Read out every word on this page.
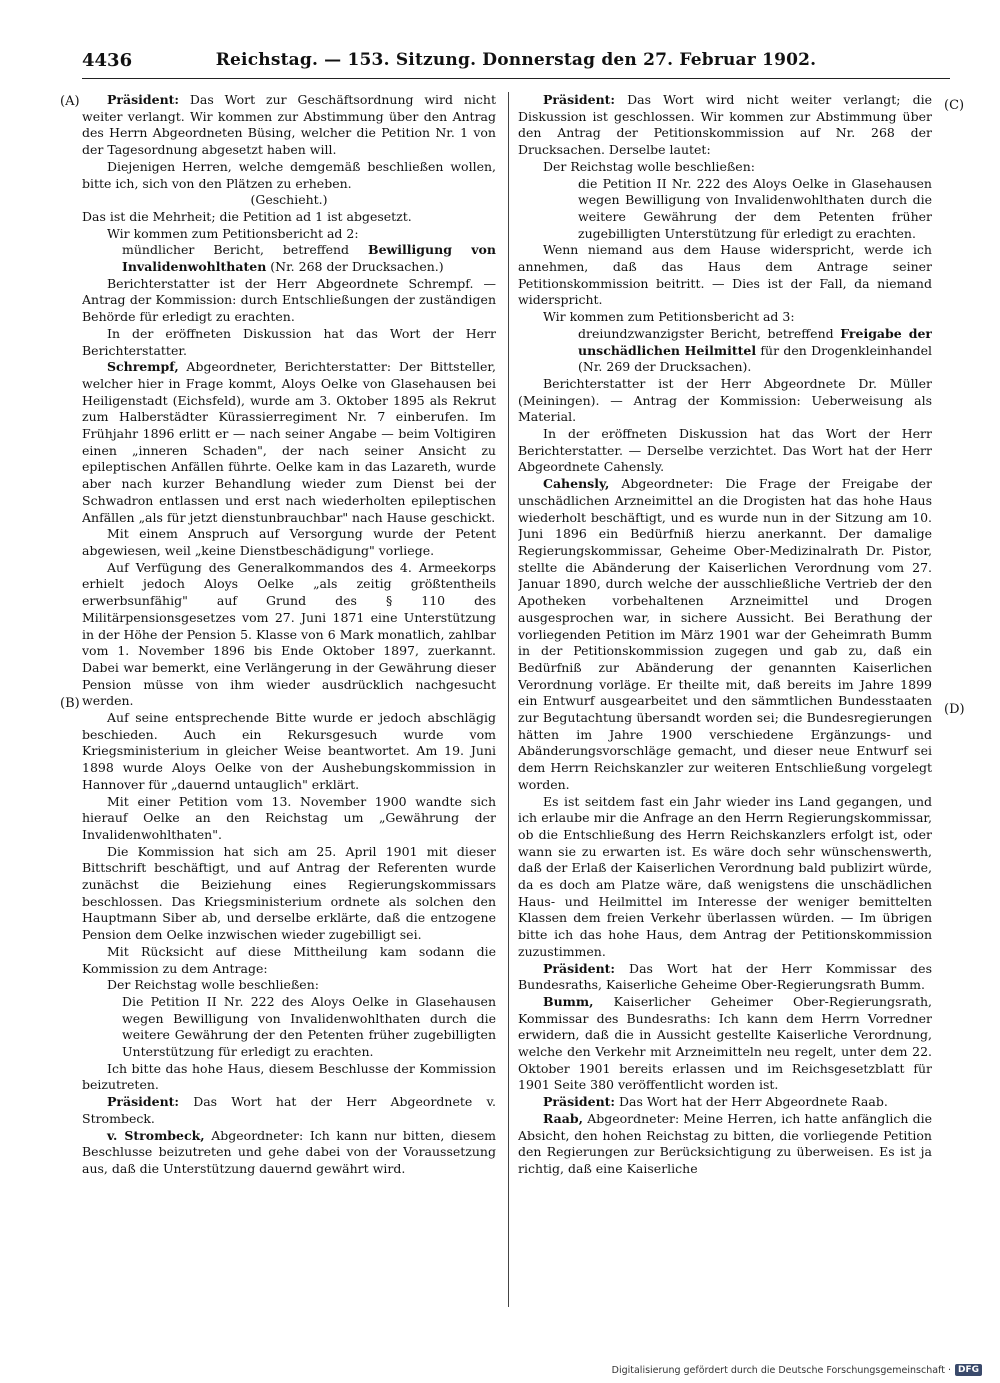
4436	Reichstag. — 153. Sitzung. Donnerstag den 27. Februar 1902.
(A)
(B)
(C)
(D)

Präsident: Das Wort zur Geschäftsordnung wird nicht weiter verlangt. Wir kommen zur Abstimmung über den Antrag des Herrn Abgeordneten Büsing, welcher die Petition Nr. 1 von der Tagesordnung abgesetzt haben will.

Diejenigen Herren, welche demgemäß beschließen wollen, bitte ich, sich von den Plätzen zu erheben.

(Geschieht.)

Das ist die Mehrheit; die Petition ad 1 ist abgesetzt.

Wir kommen zum Petitionsbericht ad 2:

mündlicher Bericht, betreffend Bewilligung von Invalidenwohlthaten (Nr. 268 der Drucksachen.)

Berichterstatter ist der Herr Abgeordnete Schrempf. — Antrag der Kommission: durch Entschließungen der zuständigen Behörde für erledigt zu erachten.

In der eröffneten Diskussion hat das Wort der Herr Berichterstatter.

Schrempf, Abgeordneter, Berichterstatter: Der Bittsteller, welcher hier in Frage kommt, Aloys Oelke von Glasehausen bei Heiligenstadt (Eichsfeld), wurde am 3. Oktober 1895 als Rekrut zum Halberstädter Kürassierregiment Nr. 7 einberufen. Im Frühjahr 1896 erlitt er — nach seiner Angabe — beim Voltigiren einen „inneren Schaden", der nach seiner Ansicht zu epileptischen Anfällen führte. Oelke kam in das Lazareth, wurde aber nach kurzer Behandlung wieder zum Dienst bei der Schwadron entlassen und erst nach wiederholten epileptischen Anfällen „als für jetzt dienstunbrauchbar" nach Hause geschickt.

Mit einem Anspruch auf Versorgung wurde der Petent abgewiesen, weil „keine Dienstbeschädigung" vorliege.

Auf Verfügung des Generalkommandos des 4. Armeekorps erhielt jedoch Aloys Oelke „als zeitig größtentheils erwerbsunfähig" auf Grund des § 110 des Militärpensionsgesetzes vom 27. Juni 1871 eine Unterstützung in der Höhe der Pension 5. Klasse von 6 Mark monatlich, zahlbar vom 1. November 1896 bis Ende Oktober 1897, zuerkannt. Dabei war bemerkt, eine Verlängerung in der Gewährung dieser Pension müsse von ihm wieder ausdrücklich nachgesucht werden.

Auf seine entsprechende Bitte wurde er jedoch abschlägig beschieden. Auch ein Rekursgesuch wurde vom Kriegsministerium in gleicher Weise beantwortet. Am 19. Juni 1898 wurde Aloys Oelke von der Aushebungskommission in Hannover für „dauernd untauglich" erklärt.

Mit einer Petition vom 13. November 1900 wandte sich hierauf Oelke an den Reichstag um „Gewährung der Invalidenwohlthaten".

Die Kommission hat sich am 25. April 1901 mit dieser Bittschrift beschäftigt, und auf Antrag der Referenten wurde zunächst die Beiziehung eines Regierungskommissars beschlossen. Das Kriegsministerium ordnete als solchen den Hauptmann Siber ab, und derselbe erklärte, daß die entzogene Pension dem Oelke inzwischen wieder zugebilligt sei.

Mit Rücksicht auf diese Mittheilung kam sodann die Kommission zu dem Antrage:

Der Reichstag wolle beschließen:

Die Petition II Nr. 222 des Aloys Oelke in Glasehausen wegen Bewilligung von Invalidenwohlthaten durch die weitere Gewährung der den Petenten früher zugebilligten Unterstützung für erledigt zu erachten.

Ich bitte das hohe Haus, diesem Beschlusse der Kommission beizutreten.

Präsident: Das Wort hat der Herr Abgeordnete v. Strombeck.

v. Strombeck, Abgeordneter: Ich kann nur bitten, diesem Beschlusse beizutreten und gehe dabei von der Voraussetzung aus, daß die Unterstützung dauernd gewährt wird.

Präsident: Das Wort wird nicht weiter verlangt; die Diskussion ist geschlossen. Wir kommen zur Abstimmung über den Antrag der Petitionskommission auf Nr. 268 der Drucksachen. Derselbe lautet:

Der Reichstag wolle beschließen:

die Petition II Nr. 222 des Aloys Oelke in Glasehausen wegen Bewilligung von Invalidenwohlthaten durch die weitere Gewährung der dem Petenten früher zugebilligten Unterstützung für erledigt zu erachten.

Wenn niemand aus dem Hause widerspricht, werde ich annehmen, daß das Haus dem Antrage seiner Petitionskommission beitritt. — Dies ist der Fall, da niemand widerspricht.

Wir kommen zum Petitionsbericht ad 3:

dreiundzwanzigster Bericht, betreffend Freigabe der unschädlichen Heilmittel für den Drogenkleinhandel (Nr. 269 der Drucksachen).

Berichterstatter ist der Herr Abgeordnete Dr. Müller (Meiningen). — Antrag der Kommission: Ueberweisung als Material.

In der eröffneten Diskussion hat das Wort der Herr Berichterstatter. — Derselbe verzichtet. Das Wort hat der Herr Abgeordnete Cahensly.

Cahensly, Abgeordneter: Die Frage der Freigabe der unschädlichen Arzneimittel an die Drogisten hat das hohe Haus wiederholt beschäftigt, und es wurde nun in der Sitzung am 10. Juni 1896 ein Bedürfniß hierzu anerkannt. Der damalige Regierungskommissar, Geheime Ober-Medizinalrath Dr. Pistor, stellte die Abänderung der Kaiserlichen Verordnung vom 27. Januar 1890, durch welche der ausschließliche Vertrieb der den Apotheken vorbehaltenen Arzneimittel und Drogen ausgesprochen war, in sichere Aussicht. Bei Berathung der vorliegenden Petition im März 1901 war der Geheimrath Bumm in der Petitionskommission zugegen und gab zu, daß ein Bedürfniß zur Abänderung der genannten Kaiserlichen Verordnung vorläge. Er theilte mit, daß bereits im Jahre 1899 ein Entwurf ausgearbeitet und den sämmtlichen Bundesstaaten zur Begutachtung übersandt worden sei; die Bundesregierungen hätten im Jahre 1900 verschiedene Ergänzungs- und Abänderungsvorschläge gemacht, und dieser neue Entwurf sei dem Herrn Reichskanzler zur weiteren Entschließung vorgelegt worden.

Es ist seitdem fast ein Jahr wieder ins Land gegangen, und ich erlaube mir die Anfrage an den Herrn Regierungskommissar, ob die Entschließung des Herrn Reichskanzlers erfolgt ist, oder wann sie zu erwarten ist. Es wäre doch sehr wünschenswerth, daß der Erlaß der Kaiserlichen Verordnung bald publizirt würde, da es doch am Platze wäre, daß wenigstens die unschädlichen Haus- und Heilmittel im Interesse der weniger bemittelten Klassen dem freien Verkehr überlassen würden. — Im übrigen bitte ich das hohe Haus, dem Antrag der Petitionskommission zuzustimmen.

Präsident: Das Wort hat der Herr Kommissar des Bundesraths, Kaiserliche Geheime Ober-Regierungsrath Bumm.

Bumm, Kaiserlicher Geheimer Ober-Regierungsrath, Kommissar des Bundesraths: Ich kann dem Herrn Vorredner erwidern, daß die in Aussicht gestellte Kaiserliche Verordnung, welche den Verkehr mit Arzneimitteln neu regelt, unter dem 22. Oktober 1901 bereits erlassen und im Reichsgesetzblatt für 1901 Seite 380 veröffentlicht worden ist.

Präsident: Das Wort hat der Herr Abgeordnete Raab.

Raab, Abgeordneter: Meine Herren, ich hatte anfänglich die Absicht, den hohen Reichstag zu bitten, die vorliegende Petition den Regierungen zur Berücksichtigung zu überweisen. Es ist ja richtig, daß eine Kaiserliche

Digitalisierung gefördert durch die Deutsche Forschungsgemeinschaft · DFG
